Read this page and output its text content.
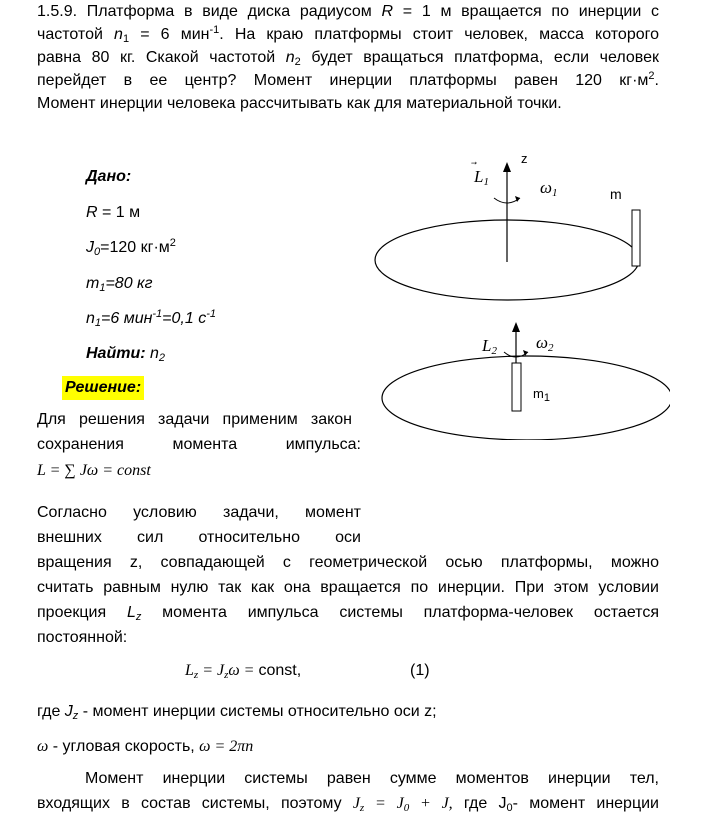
1.5.9. Платформа в виде диска радиусом R = 1 м вращается по инерции с
частотой $n_1 = 6$ мин$^{-1}$. На краю платформы стоит человек, масса которого
равна 80 кг. Скакой частотой $n_2$ будет вращаться платформа, если человек
перейдет в ее центр? Момент инерции платформы равен 120 $кг\cdot м^2$.
Момент инерции человека рассчитывать как для материальной точки.
Дано:
R = 1 м
$J_0=120$ $кг\cdot м^2$
$m_1=80$ кг
$n_1=6$ мин$^{-1}$=0,1 $с^{-1}$
Найти: $n_2$
z
$L_1$	$\omega_1$	m
$L_2$ $\omega_2$
$m_1$
Решение:
Для решения задачи применим закон
сохранения момента импульса:
L = ∑ Jω = const
Согласно условию задачи, момент
внешних сил относительно оси
вращения z, совпадающей с геометрической осью платформы, можно
считать равным нулю так как она вращается по инерции. При этом условии
проекция $L_z$ момента импульса системы платформа-человек остается
постоянной:
$L_z = J_z\omega$ = const,	(1)
где $J_z$ - момент инерции системы относительно оси z;
ω - угловая скорость, ω = 2πn
Момент инерции системы равен сумме моментов инерции тел,
входящих в состав системы, поэтому $J_z = J_0 + J$, где $J_0-$ момент инерции
